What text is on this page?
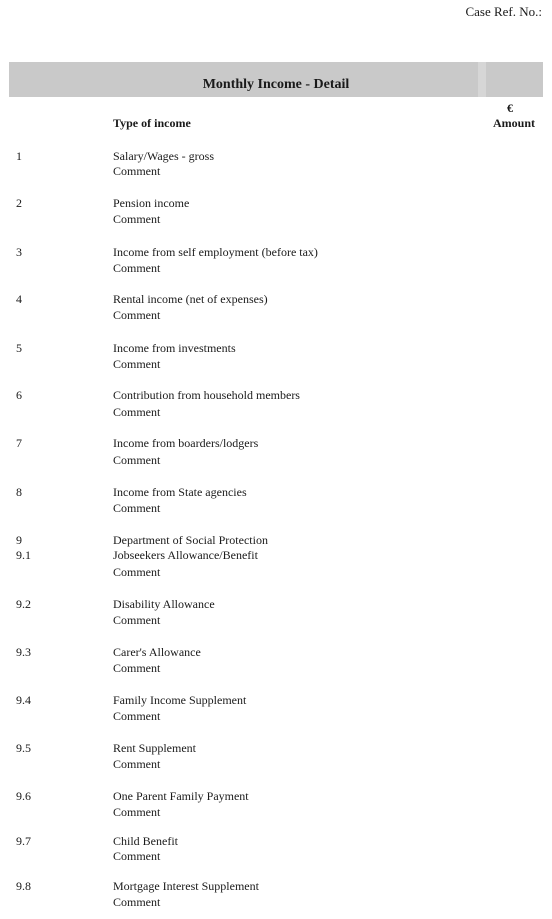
Case Ref. No.:
Monthly Income - Detail
Type of income
€
Amount
1	Salary/Wages - gross
Comment
2	Pension income
Comment
3	Income from self employment (before tax)
Comment
4	Rental income (net of expenses)
Comment
5	Income from investments
Comment
6	Contribution from household members
Comment
7	Income from boarders/lodgers
Comment
8	Income from State agencies
Comment
9	Department of Social Protection
9.1	Jobseekers Allowance/Benefit
Comment
9.2	Disability Allowance
Comment
9.3	Carer's Allowance
Comment
9.4	Family Income Supplement
Comment
9.5	Rent Supplement
Comment
9.6	One Parent Family Payment
Comment
9.7	Child Benefit
Comment
9.8	Mortgage Interest Supplement
Comment
